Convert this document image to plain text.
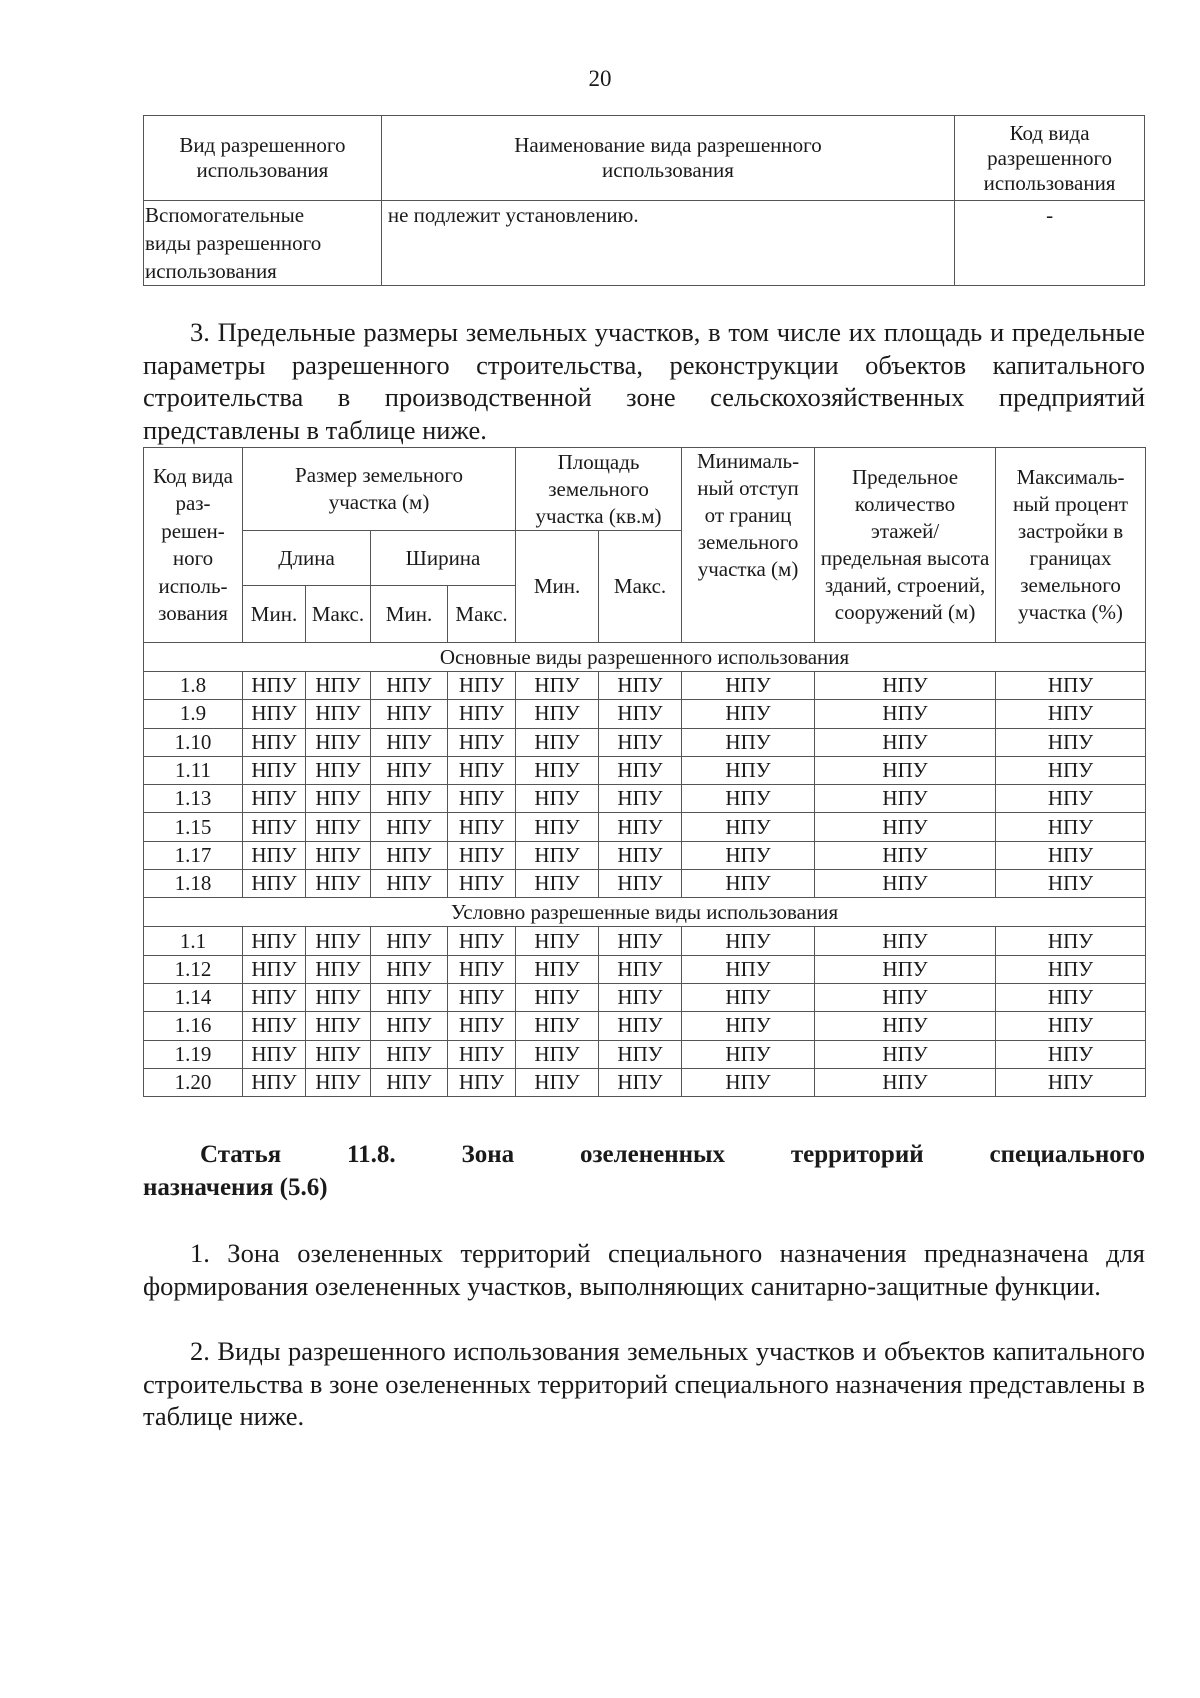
20
Вид разрешенного использования	Наименование вида разрешенного использования	Код вида разрешенного использования
Вспомогательные виды разрешенного использования	не подлежит установлению.	-
3. Предельные размеры земельных участков, в том числе их площадь и предельные параметры разрешенного строительства, реконструкции объектов капитального строительства в производственной зоне сельскохозяйственных предприятий представлены в таблице ниже.
Код вида раз-решен-ного исполь-зования	Размер земельного участка (м)				Площадь земельного участка (кв.м)		Минималь-ный отступ от границ земельного участка (м)	Предельное количество этажей/ предельная высота зданий, строений, сооружений (м)	Максималь-ный процент застройки в границах земельного участка (%)
	Длина		Ширина		Мин.	Макс.			
	Мин.	Макс.	Мин.	Макс.					
Основные виды разрешенного использования									
1.8	НПУ	НПУ	НПУ	НПУ	НПУ	НПУ	НПУ	НПУ	НПУ
1.9	НПУ	НПУ	НПУ	НПУ	НПУ	НПУ	НПУ	НПУ	НПУ
1.10	НПУ	НПУ	НПУ	НПУ	НПУ	НПУ	НПУ	НПУ	НПУ
1.11	НПУ	НПУ	НПУ	НПУ	НПУ	НПУ	НПУ	НПУ	НПУ
1.13	НПУ	НПУ	НПУ	НПУ	НПУ	НПУ	НПУ	НПУ	НПУ
1.15	НПУ	НПУ	НПУ	НПУ	НПУ	НПУ	НПУ	НПУ	НПУ
1.17	НПУ	НПУ	НПУ	НПУ	НПУ	НПУ	НПУ	НПУ	НПУ
1.18	НПУ	НПУ	НПУ	НПУ	НПУ	НПУ	НПУ	НПУ	НПУ
Условно разрешенные виды использования									
1.1	НПУ	НПУ	НПУ	НПУ	НПУ	НПУ	НПУ	НПУ	НПУ
1.12	НПУ	НПУ	НПУ	НПУ	НПУ	НПУ	НПУ	НПУ	НПУ
1.14	НПУ	НПУ	НПУ	НПУ	НПУ	НПУ	НПУ	НПУ	НПУ
1.16	НПУ	НПУ	НПУ	НПУ	НПУ	НПУ	НПУ	НПУ	НПУ
1.19	НПУ	НПУ	НПУ	НПУ	НПУ	НПУ	НПУ	НПУ	НПУ
1.20	НПУ	НПУ	НПУ	НПУ	НПУ	НПУ	НПУ	НПУ	НПУ
Статья 11.8. Зона озелененных территорий специального
назначения (5.6)
1. Зона озелененных территорий специального назначения предназначена для формирования озелененных участков, выполняющих санитарно-защитные функции.
2. Виды разрешенного использования земельных участков и объектов капитального строительства в зоне озелененных территорий специального назначения представлены в таблице ниже.
